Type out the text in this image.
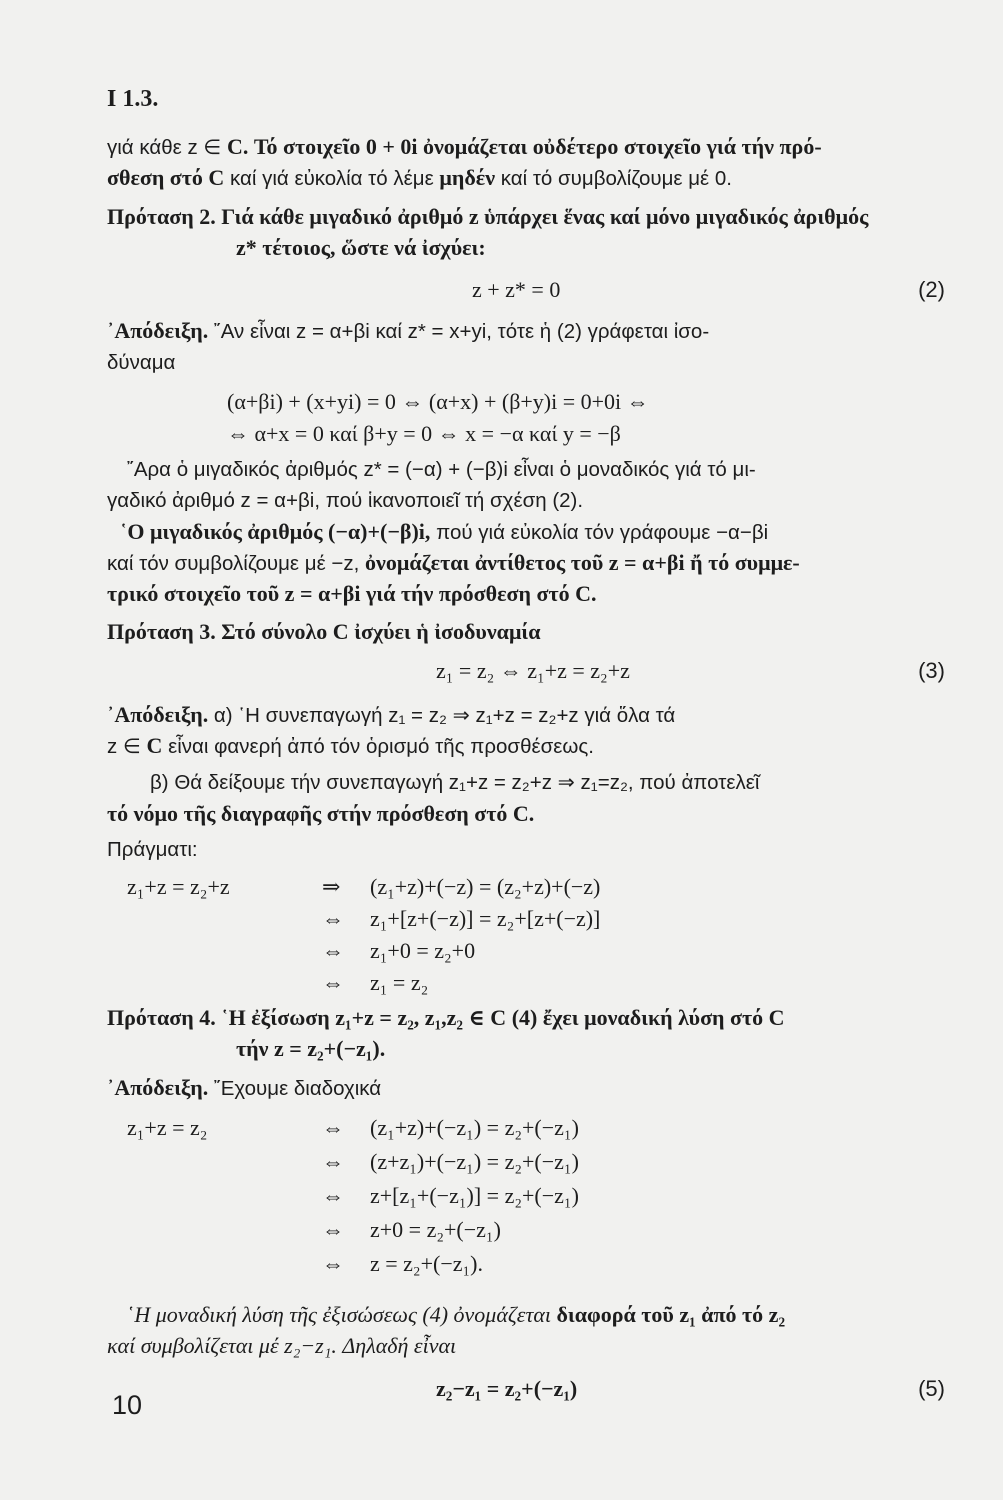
I 1.3.
γιά κάθε z ∈ C. Τό στοιχεῖο 0 + 0i ὀνομάζεται οὐδέτερο στοιχεῖο γιά τήν πρό-
σθεση στό C καί γιά εὐκολία τό λέμε μηδέν καί τό συμβολίζουμε μέ 0.
Πρόταση 2. Γιά κάθε μιγαδικό ἀριθμό z ὑπάρχει ἕνας καί μόνο μιγαδικός ἀριθμός
z* τέτοιος, ὥστε νά ἰσχύει:
z + z* = 0	(2)
᾿Απόδειξη. ῎Αν εἶναι z = α+βi καί z* = x+yi, τότε ἡ (2) γράφεται ἰσο-
δύναμα
(α+βi) + (x+yi) = 0 ⇔ (α+x) + (β+y)i = 0+0i ⇔
⇔ α+x = 0 καί β+y = 0 ⇔ x = −α καί y = −β
῎Αρα ὁ μιγαδικός ἀριθμός z* = (−α) + (−β)i εἶναι ὁ μοναδικός γιά τό μι-
γαδικό ἀριθμό z = α+βi, πού ἱκανοποιεῖ τή σχέση (2).
῾Ο μιγαδικός ἀριθμός (−α)+(−β)i, πού γιά εὐκολία τόν γράφουμε −α−βi
καί τόν συμβολίζουμε μέ −z, ὀνομάζεται ἀντίθετος τοῦ z = α+βi ἤ τό συμμε-
τρικό στοιχεῖο τοῦ z = α+βi γιά τήν πρόσθεση στό C.
Πρόταση 3. Στό σύνολο C ἰσχύει ἡ ἰσοδυναμία
z₁ = z₂ ⇔ z₁+z = z₂+z	(3)
᾿Απόδειξη. α) ῾Η συνεπαγωγή z₁ = z₂ ⇒ z₁+z = z₂+z γιά ὅλα τά
z ∈ C εἶναι φανερή ἀπό τόν ὁρισμό τῆς προσθέσεως.
β) Θά δείξουμε τήν συνεπαγωγή z₁+z = z₂+z ⇒ z₁=z₂, πού ἀποτελεῖ
τό νόμο τῆς διαγραφῆς στήν πρόσθεση στό C.
Πράγματι:
z₁+z = z₂+z	⇒ (z₁+z)+(−z) = (z₂+z)+(−z)
⇔ z₁+[z+(−z)] = z₂+[z+(−z)]
⇔ z₁+0 = z₂+0
⇔ z₁ = z₂
Πρόταση 4. ῾Η ἐξίσωση z₁+z = z₂, z₁,z₂ ∈ C (4) ἔχει μοναδική λύση στό C
τήν z = z₂+(−z₁).
᾿Απόδειξη. ῎Εχουμε διαδοχικά
z₁+z = z₂	⇔ (z₁+z)+(−z₁) = z₂+(−z₁)
⇔ (z+z₁)+(−z₁) = z₂+(−z₁)
⇔ z+[z₁+(−z₁)] = z₂+(−z₁)
⇔ z+0 = z₂+(−z₁)
⇔ z = z₂+(−z₁).
῾Η μοναδική λύση τῆς ἐξισώσεως (4) ὀνομάζεται διαφορά τοῦ z₁ ἀπό τό z₂
καί συμβολίζεται μέ z₂−z₁. Δηλαδή εἶναι
z₂−z₁ = z₂+(−z₁)	(5)
10
